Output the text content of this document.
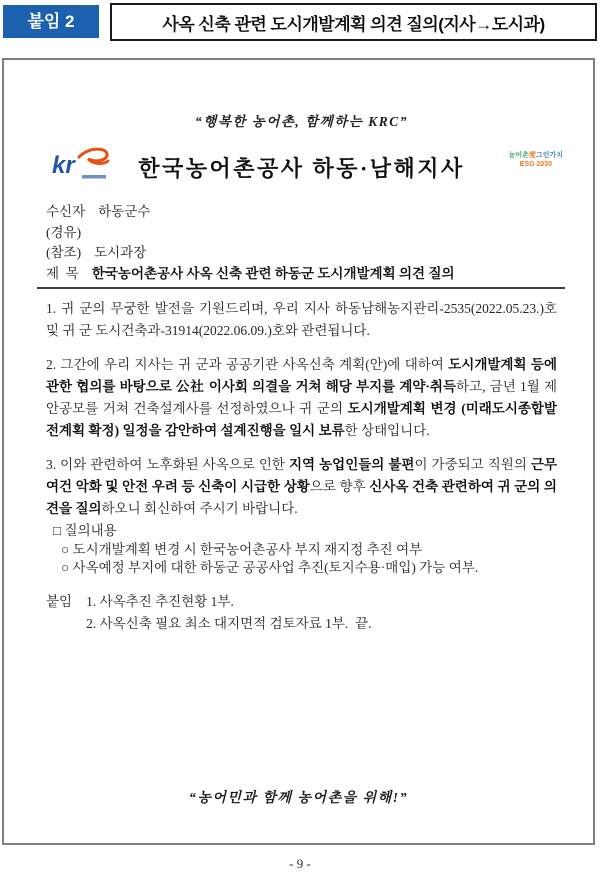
붙임 2	사옥 신축 관련 도시개발계획 의견 질의(지사→도시과)
“행복한 농어촌, 함께하는 KRC”
kr	한국농어촌공사 하동·남해지사	농어촌愛그린가치
ESG 2030
수신자 하동군수
(경유)
(참조) 도시과장
제  목 한국농어촌공사 사옥 신축 관련 하동군 도시개발계획 의견 질의

1. 귀 군의 무궁한 발전을 기원드리며, 우리 지사 하동남해농지관리-2535(2022.05.23.)호 및 귀 군 도시건축과-31914(2022.06.09.)호와 관련됩니다.

2. 그간에 우리 지사는 귀 군과 공공기관 사옥신축 계획(안)에 대하여 도시개발계획 등에 관한 협의를 바탕으로 公社 이사회 의결을 거쳐 해당 부지를 계약·취득하고, 금년 1월 제안공모를 거쳐 건축설계사를 선정하였으나 귀 군의 도시개발계획 변경 (미래도시종합발전계획 확정) 일정을 감안하여 설계진행을 일시 보류한 상태입니다.

3. 이와 관련하여 노후화된 사옥으로 인한 지역 농업인들의 불편이 가중되고 직원의 근무여건 악화 및 안전 우려 등 신축이 시급한 상황으로 향후 신사옥 건축 관련하여 귀 군의 의견을 질의하오니 회신하여 주시기 바랍니다.

□ 질의내용
○ 도시개발계획 변경 시 한국농어촌공사 부지 재지정 추진 여부
○ 사옥예정 부지에 대한 하동군 공공사업 추진(토지수용·매입) 가능 여부.
붙임 1. 사옥추진 추진현황 1부.
2. 사옥신축 필요 최소 대지면적 검토자료 1부.  끝.
“농어민과 함께 농어촌을 위해!”
- 9 -
